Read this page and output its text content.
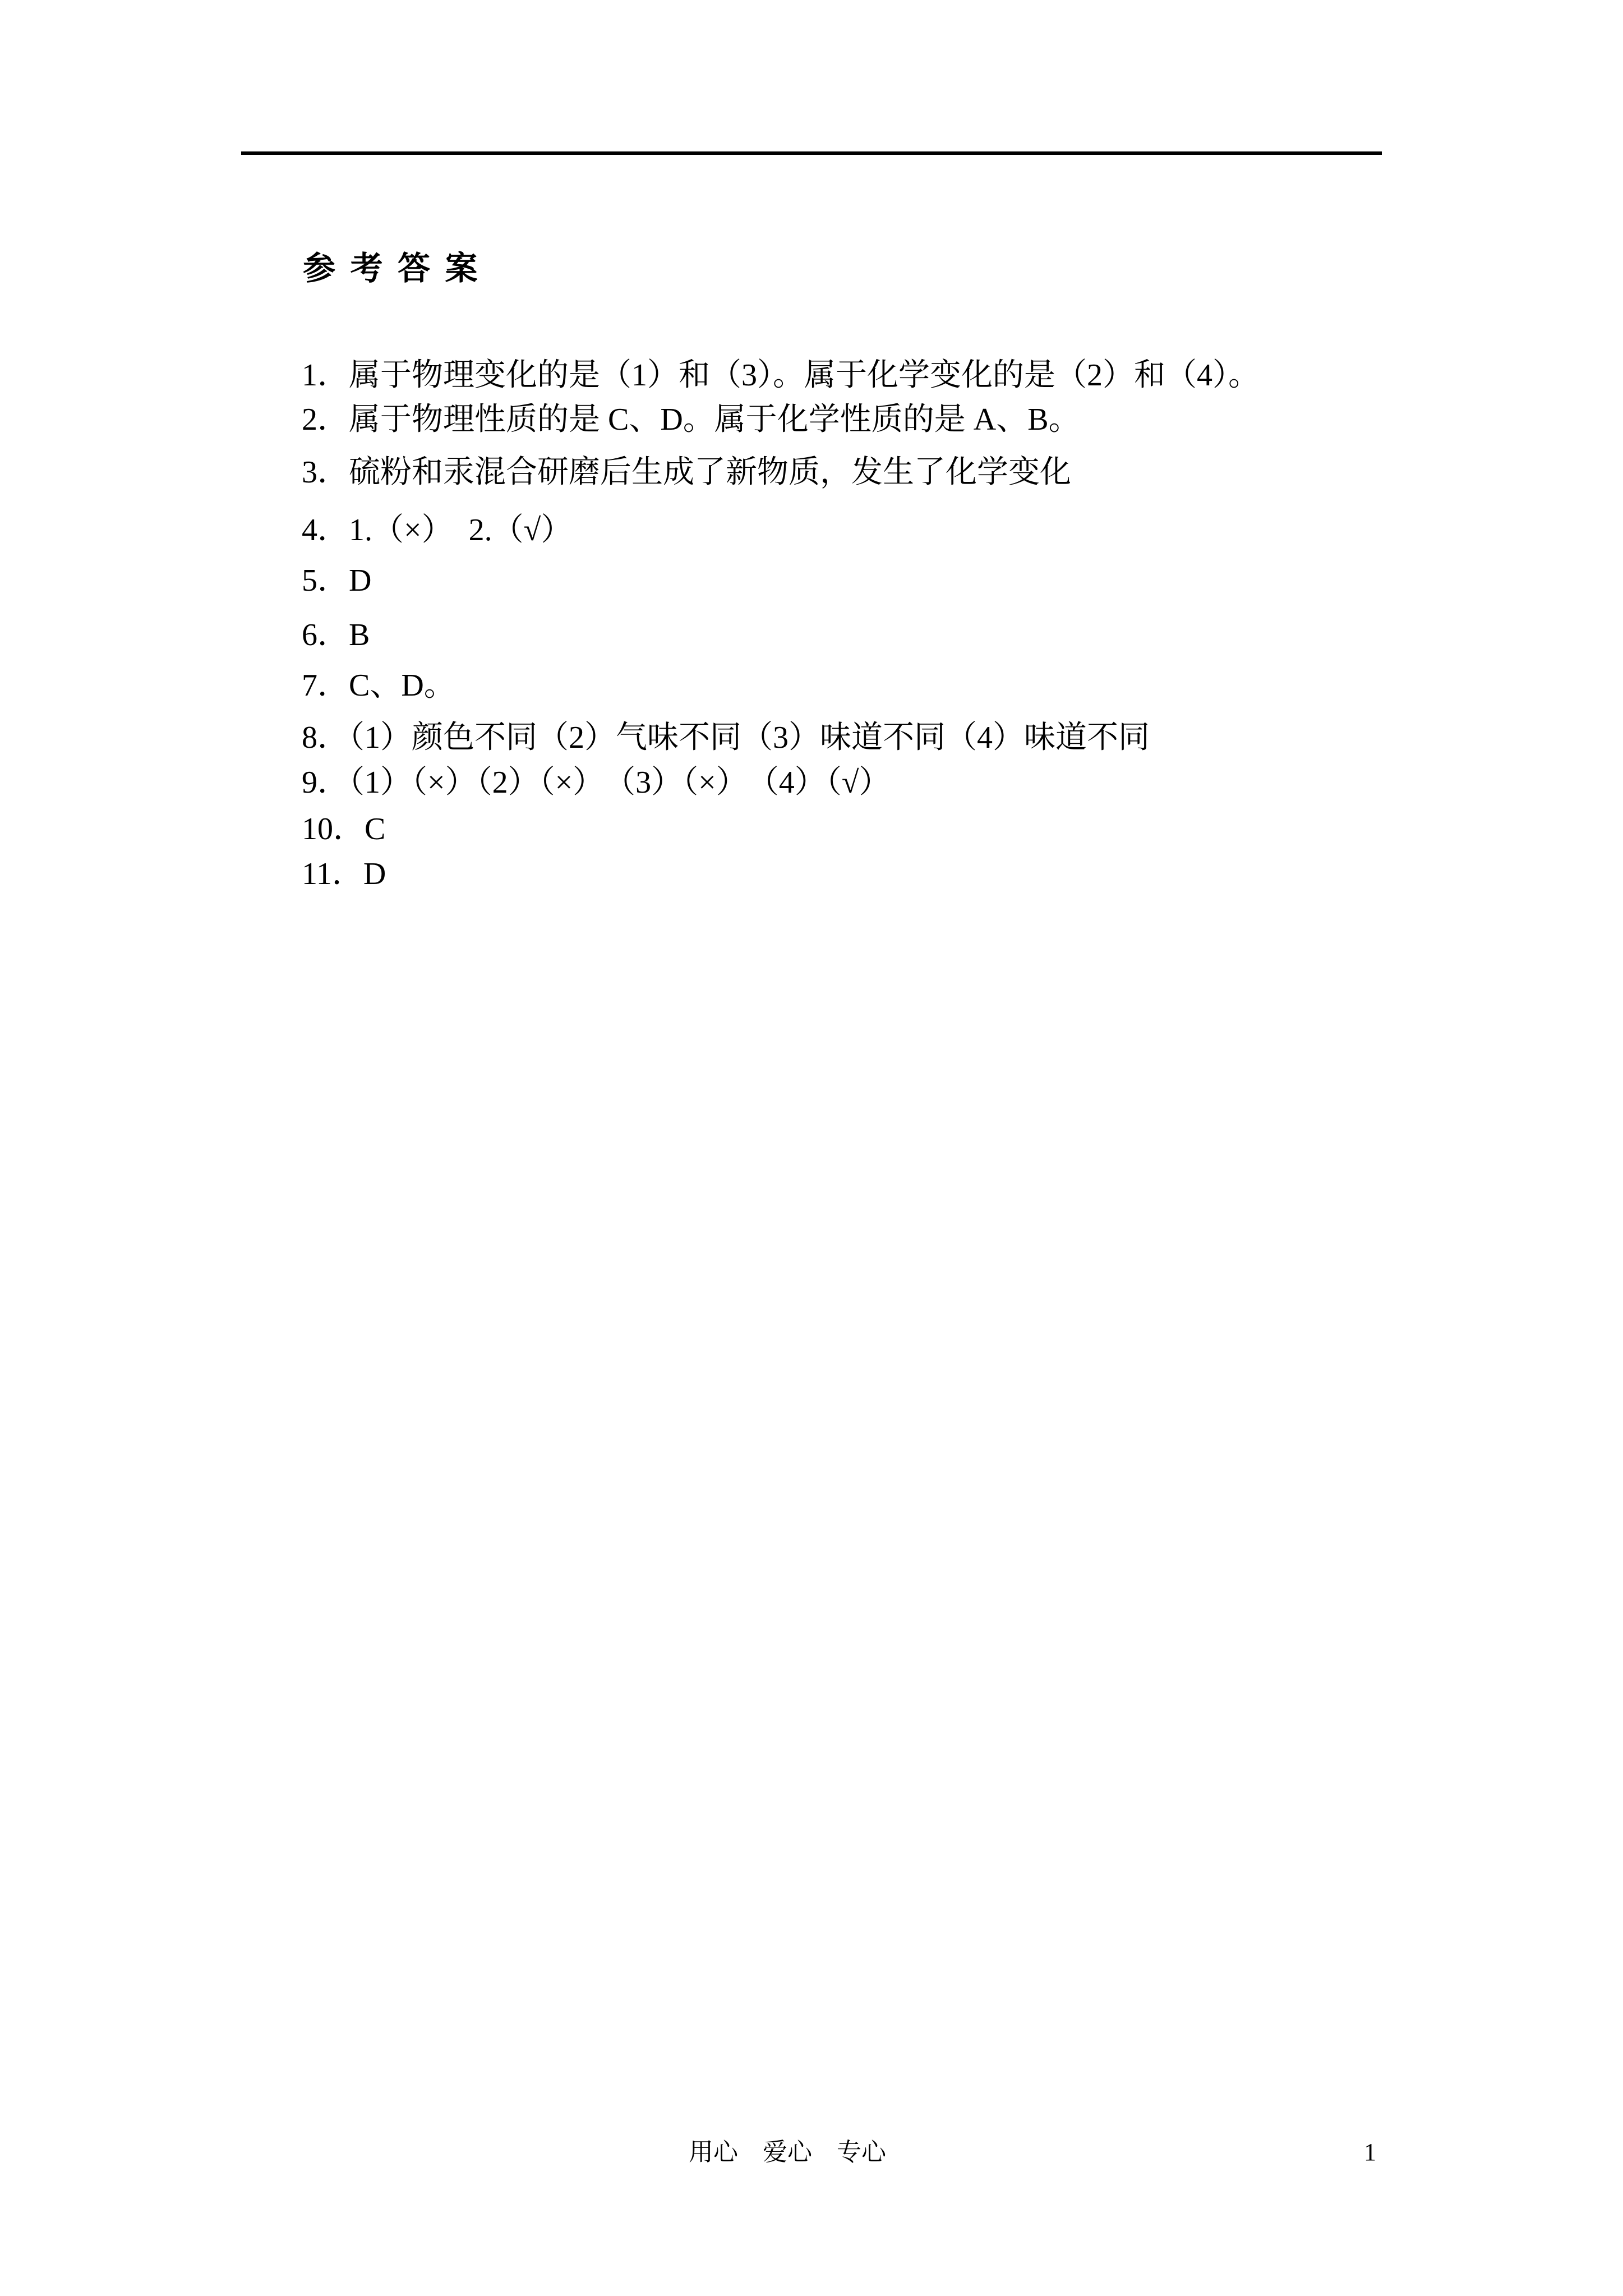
参 考 答 案
1．属于物理变化的是（1）和（3）。属于化学变化的是（2）和（4）。
2．属于物理性质的是 C、D。属于化学性质的是 A、B。
3．硫粉和汞混合研磨后生成了新物质，发生了化学变化
4．1.（×）　2.（√）
5．D
6．B
7．C、D。
8．（1）颜色不同（2）气味不同（3）味道不同（4）味道不同
9．（1）（×）（2）（×）　（3）（×）　（4）（√）
10．C
11．D
用心　爱心　专心	1
